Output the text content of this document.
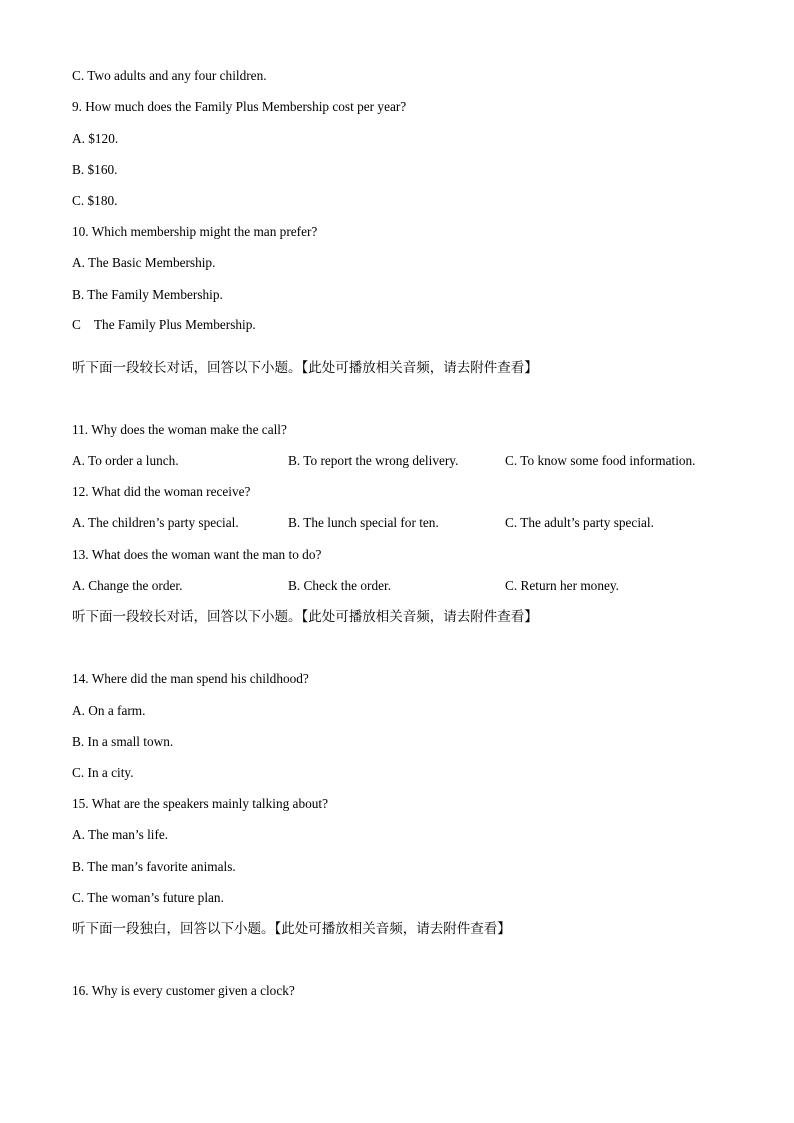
C. Two adults and any four children.
9. How much does the Family Plus Membership cost per year?
A. $120.
B. $160.
C. $180.
10. Which membership might the man prefer?
A. The Basic Membership.
B. The Family Membership.
C    The Family Plus Membership.
听下面一段较长对话，回答以下小题。【此处可播放相关音频，请去附件查看】
11. Why does the woman make the call?
A. To order a lunch.	B. To report the wrong delivery.	C. To know some food information.
12. What did the woman receive?
A. The children’s party special.	B. The lunch special for ten.	C. The adult’s party special.
13. What does the woman want the man to do?
A. Change the order.	B. Check the order.	C. Return her money.
听下面一段较长对话，回答以下小题。【此处可播放相关音频，请去附件查看】
14. Where did the man spend his childhood?
A. On a farm.
B. In a small town.
C. In a city.
15. What are the speakers mainly talking about?
A. The man’s life.
B. The man’s favorite animals.
C. The woman’s future plan.
听下面一段独白，回答以下小题。【此处可播放相关音频，请去附件查看】
16. Why is every customer given a clock?
